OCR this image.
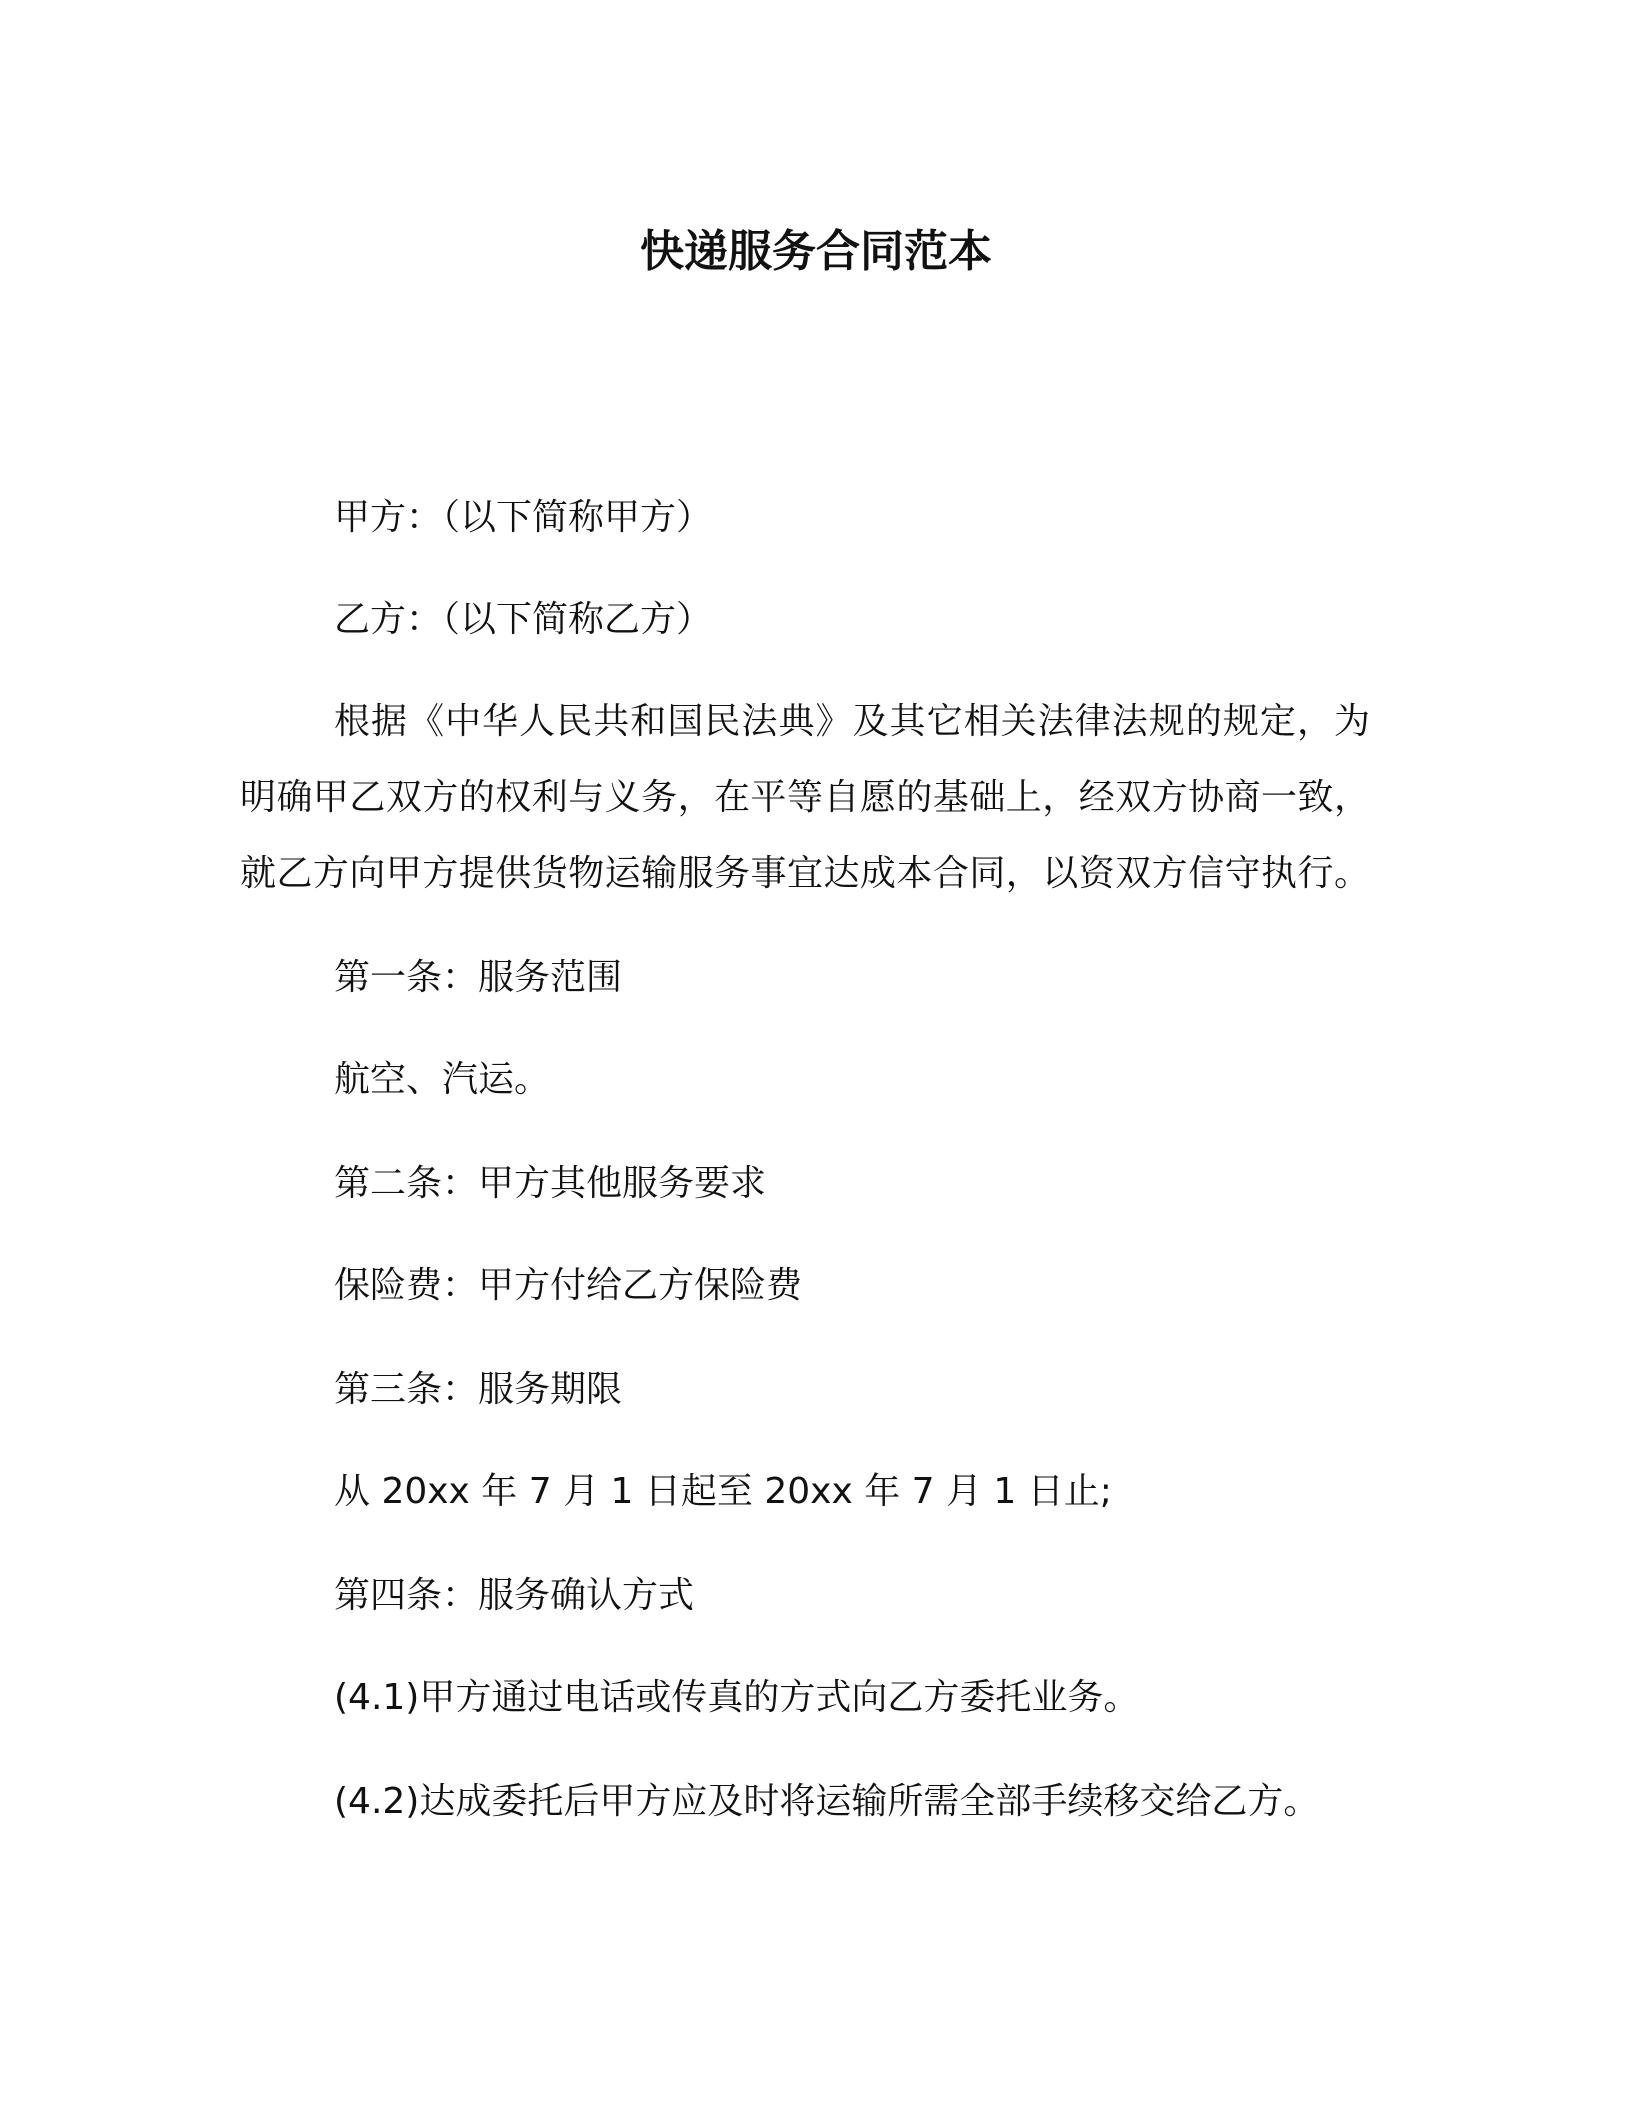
快递服务合同范本
甲方：（以下简称甲方）
乙方：（以下简称乙方）
根据《中华人民共和国民法典》及其它相关法律法规的规定，为
明确甲乙双方的权利与义务，在平等自愿的基础上，经双方协商一致，
就乙方向甲方提供货物运输服务事宜达成本合同，以资双方信守执行。
第一条：服务范围
航空、汽运。
第二条：甲方其他服务要求
保险费：甲方付给乙方保险费
第三条：服务期限
从 20xx 年 7 月 1 日起至 20xx 年 7 月 1 日止;
第四条：服务确认方式
(4.1)甲方通过电话或传真的方式向乙方委托业务。
(4.2)达成委托后甲方应及时将运输所需全部手续移交给乙方。
